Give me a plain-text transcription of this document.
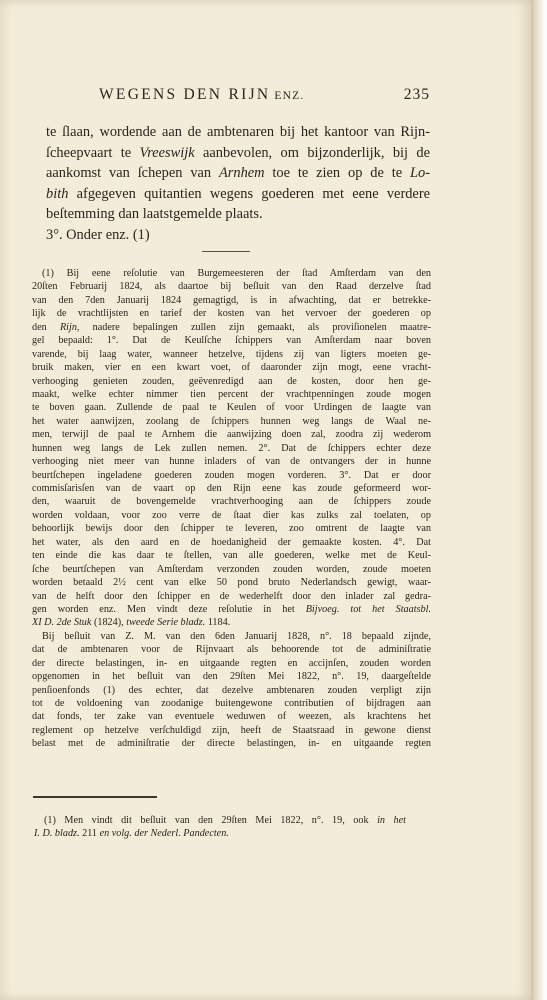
WEGENS DEN RIJN ENZ.	235
te ſlaan, wordende aan de ambtenaren bij het kantoor van Rijn-
ſcheepvaart te Vreeswijk aanbevolen, om bijzonderlijk, bij de
aankomst van ſchepen van Arnhem toe te zien op de te Lo-
bith afgegeven quitantien wegens goederen met eene verdere
beſtemming dan laatstgemelde plaats.
3°. Onder enz. (1)
(1) Bij eene reſolutie van Burgemeesteren der ſtad Amſterdam van den
20ſten Februarij 1824, als daartoe bij beſluit van den Raad derzelve ſtad
van den 7den Januarij 1824 gemagtigd, is in afwachting, dat er betrekke-
lijk de vrachtlijsten en tarief der kosten van het vervoer der goederen op
den Rijn, nadere bepalingen zullen zijn gemaakt, als proviſionelen maatre-
gel bepaald: 1°. Dat de Keulſche ſchippers van Amſterdam naar boven
varende, bij laag water, wanneer hetzelve, tijdens zij van ligters moeten ge-
bruik maken, vier en een kwart voet, of daaronder zijn mogt, eene vracht-
verhooging genieten zouden, geëvenredigd aan de kosten, door hen ge-
maakt, welke echter nimmer tien percent der vrachtpenningen zoude mogen
te boven gaan. Zullende de paal te Keulen of voor Urdingen de laagte van
het water aanwijzen, zoolang de ſchippers hunnen weg langs de Waal ne-
men, terwijl de paal te Arnhem die aanwijzing doen zal, zoodra zij wederom
hunnen weg langs de Lek zullen nemen. 2°. Dat de ſchippers echter deze
verhooging niet meer van hunne inladers of van de ontvangers der in hunne
beurtſchepen ingeladene goederen zouden mogen vorderen. 3°. Dat er door
commisſarisſen van de vaart op den Rijn eene kas zoude geformeerd wor-
den, waaruit de bovengemelde vrachtverhooging aan de ſchippers zoude
worden voldaan, voor zoo verre de ſtaat dier kas zulks zal toelaten, op
behoorlijk bewijs door den ſchipper te leveren, zoo omtrent de laagte van
het water, als den aard en de hoedanigheid der gemaakte kosten. 4°. Dat
ten einde die kas daar te ſtellen, van alle goederen, welke met de Keul-
ſche beurtſchepen van Amſterdam verzonden zouden worden, zoude moeten
worden betaald 2½ cent van elke 50 pond bruto Nederlandsch gewigt, waar-
van de helft door den ſchipper en de wederhelft door den inlader zal gedra-
gen worden enz. Men vindt deze reſolutie in het Bijvoeg. tot het Staatsbl.
XI D. 2de Stuk (1824), tweede Serie bladz. 1184.
Bij beſluit van Z. M. van den 6den Januarij 1828, n°. 18 bepaald zijnde,
dat de ambtenaren voor de Rijnvaart als behoorende tot de adminiſtratie
der directe belastingen, in- en uitgaande regten en accijnſen, zouden worden
opgenomen in het beſluit van den 29ſten Mei 1822, n°. 19, daargeſtelde
penſioenfonds (1) des echter, dat dezelve ambtenaren zouden verpligt zijn
tot de voldoening van zoodanige buitengewone contributien of bijdragen aan
dat fonds, ter zake van eventuele weduwen of weezen, als krachtens het
reglement op hetzelve verſchuldigd zijn, heeft de Staatsraad in gewone dienst
belast met de adminiſtratie der directe belastingen, in- en uitgaande regten
(1) Men vindt dit beſluit van den 29ſten Mei 1822, n°. 19, ook in het
I. D. bladz. 211 en volg. der Nederl. Pandecten.
